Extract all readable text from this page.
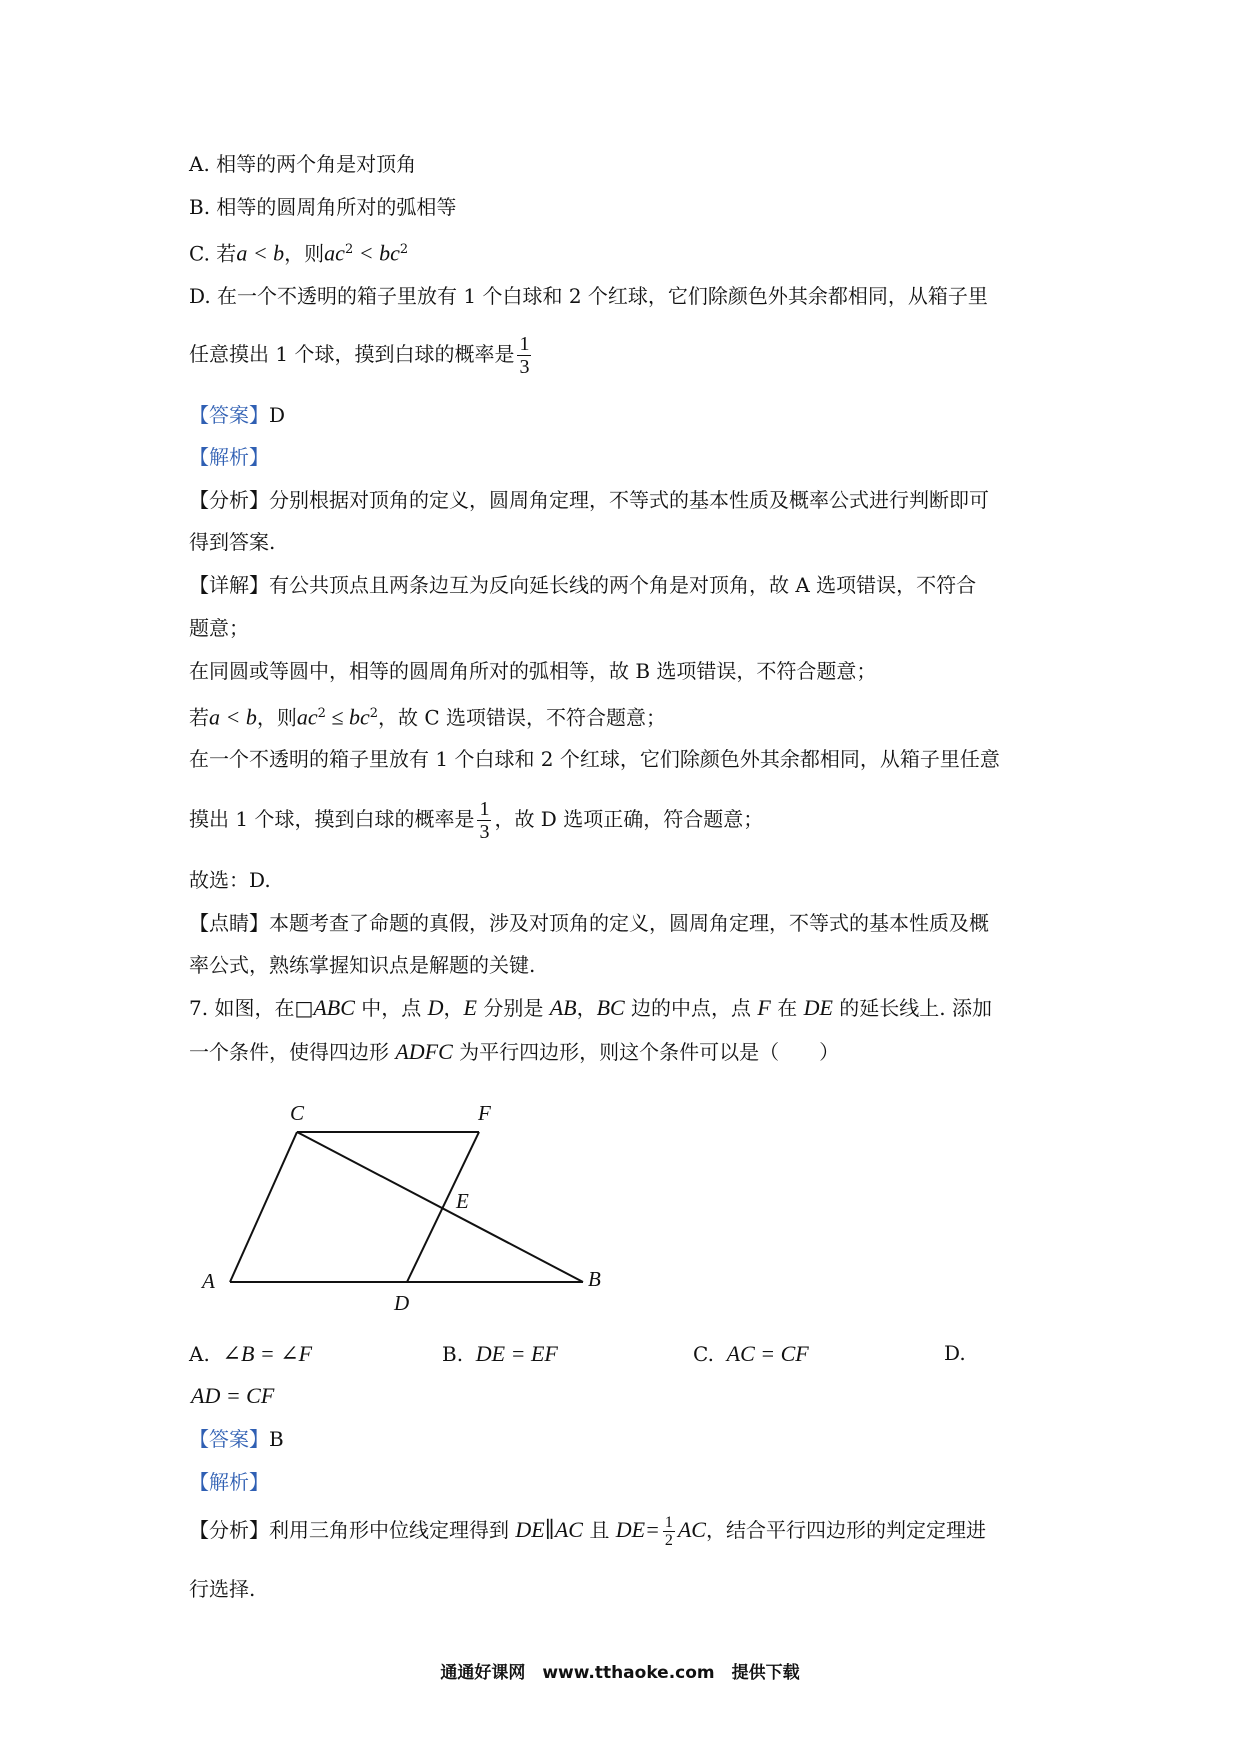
A. 相等的两个角是对顶角
B. 相等的圆周角所对的弧相等
C. 若a < b，则$ac^2 < bc^2$
D. 在一个不透明的箱子里放有 1 个白球和 2 个红球，它们除颜色外其余都相同，从箱子里
任意摸出 1 个球，摸到白球的概率是 $\frac{1}{3}$
【答案】D
【解析】
【分析】分别根据对顶角的定义，圆周角定理，不等式的基本性质及概率公式进行判断即可
得到答案.
【详解】有公共顶点且两条边互为反向延长线的两个角是对顶角，故 A 选项错误，不符合
题意；
在同圆或等圆中，相等的圆周角所对的弧相等，故 B 选项错误，不符合题意；
若a < b，则$ac^2 \le bc^2$，故 C 选项错误，不符合题意；
在一个不透明的箱子里放有 1 个白球和 2 个红球，它们除颜色外其余都相同，从箱子里任意
摸出 1 个球，摸到白球的概率是 $\frac{1}{3}$ ，故 D 选项正确，符合题意；
故选：D.
【点睛】本题考查了命题的真假，涉及对顶角的定义，圆周角定理，不等式的基本性质及概
率公式，熟练掌握知识点是解题的关键.
7. 如图，在□ABC 中，点 D，E 分别是 AB，BC 边的中点，点 F 在 DE 的延长线上. 添加
一个条件，使得四边形 ADFC 为平行四边形，则这个条件可以是（　　）
C	F
E
A
D
B
A. ∠B = ∠F	B. DE = EF	C. AC = CF	D.
AD = CF
【答案】B
【解析】
【分析】利用三角形中位线定理得到 DE∥AC 且 $DE= \frac{1}{2}$ AC，结合平行四边形的判定定理进
行选择.
通通好课网　www.tthaoke.com　提供下载
